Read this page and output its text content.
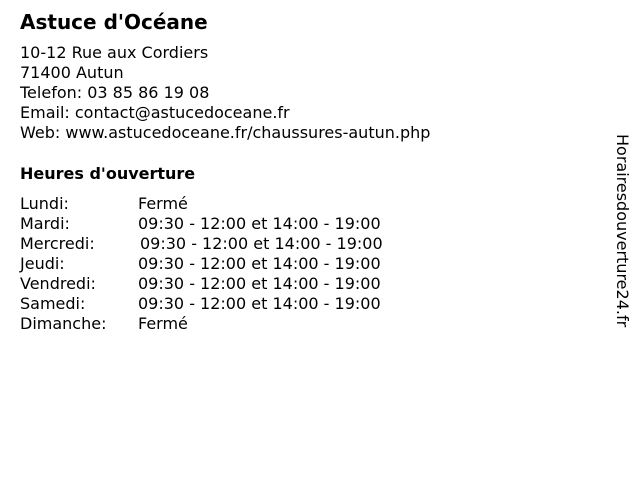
Astuce d'Océane
10-12 Rue aux Cordiers
71400 Autun
Telefon: 03 85 86 19 08
Email: contact@astucedoceane.fr
Web: www.astucedoceane.fr/chaussures-autun.php
Heures d'ouverture
Lundi:	Fermé
Mardi:	09:30 - 12:00 et 14:00 - 19:00
Mercredi:	09:30 - 12:00 et 14:00 - 19:00
Jeudi:	09:30 - 12:00 et 14:00 - 19:00
Vendredi:	09:30 - 12:00 et 14:00 - 19:00
Samedi:	09:30 - 12:00 et 14:00 - 19:00
Dimanche: Fermé	Horairesdouverture24.fr
